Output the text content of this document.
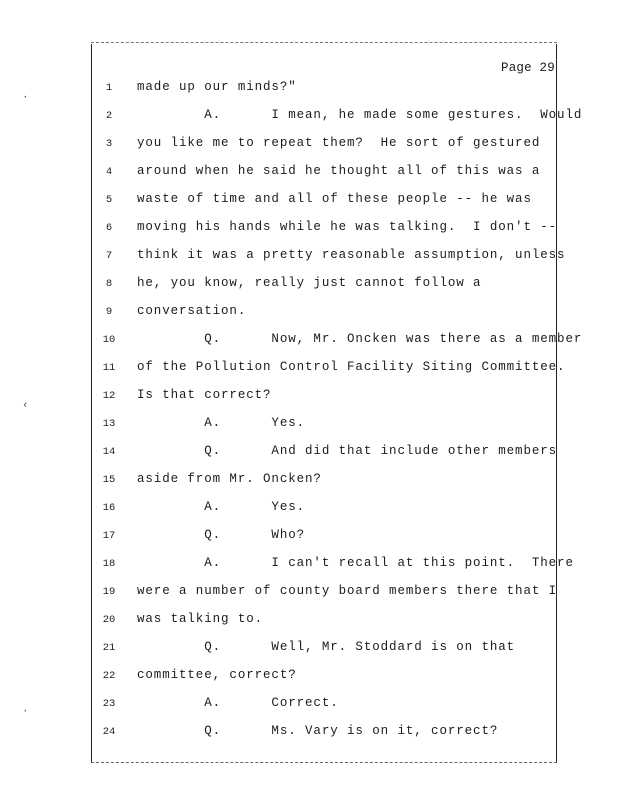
·
‹
·
Page 29
1	made up our minds?"
2	A.      I mean, he made some gestures.  Would
3	you like me to repeat them?  He sort of gestured
4	around when he said he thought all of this was a
5	waste of time and all of these people -- he was
6	moving his hands while he was talking.  I don't --
7	think it was a pretty reasonable assumption, unless
8	he, you know, really just cannot follow a
9	conversation.
10	Q.      Now, Mr. Oncken was there as a member
11	of the Pollution Control Facility Siting Committee.
12	Is that correct?
13	A.      Yes.
14	Q.      And did that include other members
15	aside from Mr. Oncken?
16	A.      Yes.
17	Q.      Who?
18	A.      I can't recall at this point.  There
19	were a number of county board members there that I
20	was talking to.
21	Q.      Well, Mr. Stoddard is on that
22	committee, correct?
23	A.      Correct.
24	Q.      Ms. Vary is on it, correct?
